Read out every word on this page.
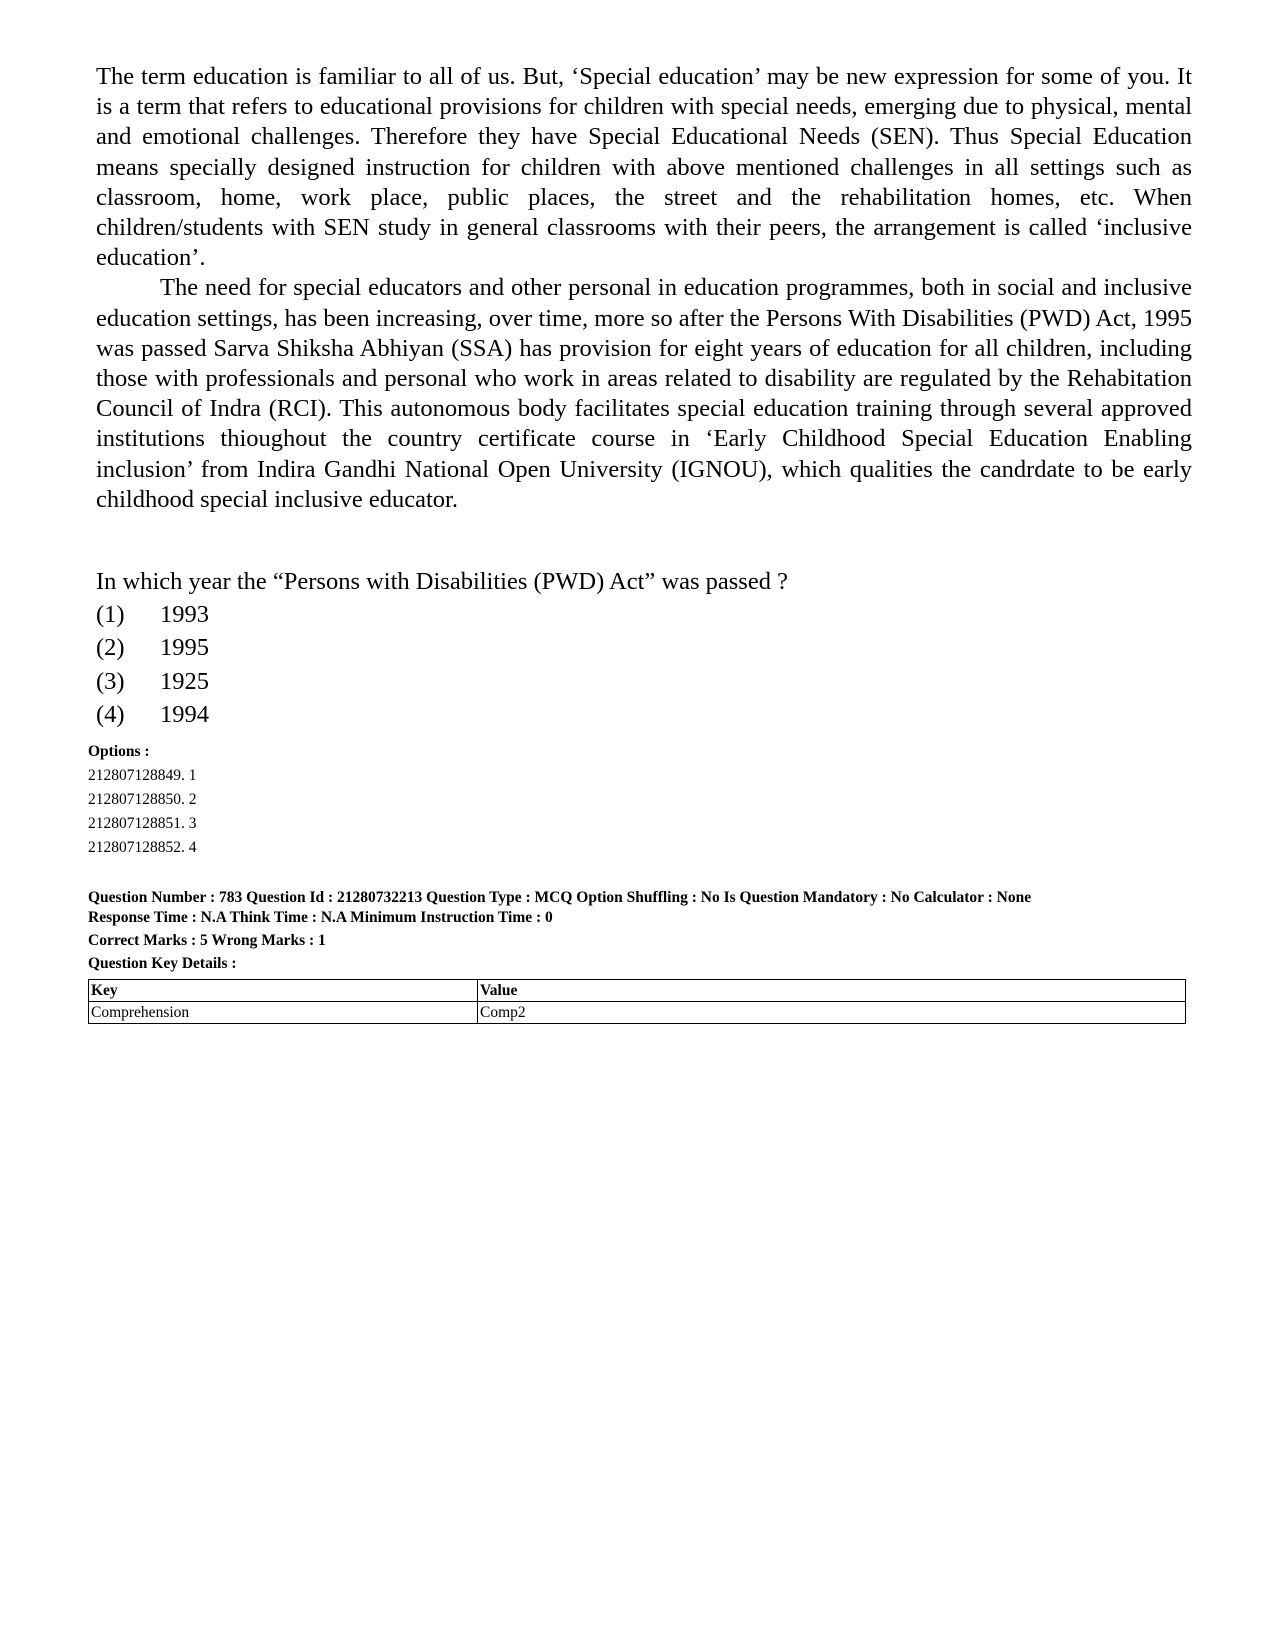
The term education is familiar to all of us. But, ‘Special education’ may be new expression for some of you. It is a term that refers to educational provisions for children with special needs, emerging due to physical, mental and emotional challenges. Therefore they have Special Educational Needs (SEN). Thus Special Education means specially designed instruction for children with above mentioned challenges in all settings such as classroom, home, work place, public places, the street and the rehabilitation homes, etc. When children/students with SEN study in general classrooms with their peers, the arrangement is called ‘inclusive education’.

The need for special educators and other personal in education programmes, both in social and inclusive education settings, has been increasing, over time, more so after the Persons With Disabilities (PWD) Act, 1995 was passed Sarva Shiksha Abhiyan (SSA) has provision for eight years of education for all children, including those with professionals and personal who work in areas related to disability are regulated by the Rehabitation Council of Indra (RCI). This autonomous body facilitates special education training through several approved institutions thioughout the country certificate course in ‘Early Childhood Special Education Enabling inclusion’ from Indira Gandhi National Open University (IGNOU), which qualities the candrdate to be early childhood special inclusive educator.

In which year the “Persons with Disabilities (PWD) Act” was passed ?

(1)	1993
(2)	1995
(3)	1925
(4)	1994

Options :

212807128849. 1

212807128850. 2

212807128851. 3

212807128852. 4

Question Number : 783 Question Id : 21280732213 Question Type : MCQ Option Shuffling : No Is Question Mandatory : No Calculator : None

Response Time : N.A Think Time : N.A Minimum Instruction Time : 0

Correct Marks : 5 Wrong Marks : 1

Question Key Details :

Key	Value
Comprehension	Comp2
